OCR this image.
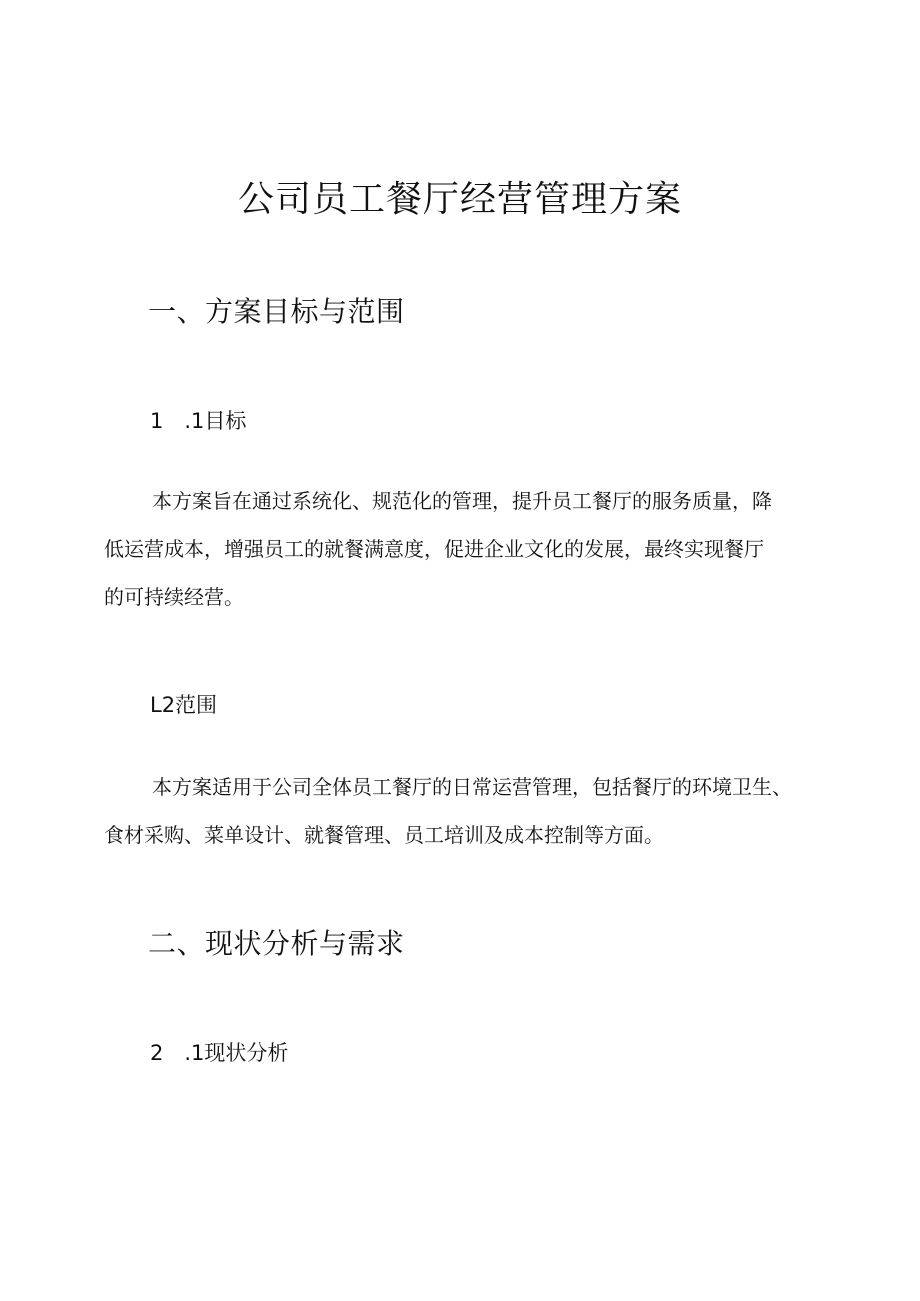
公司员工餐厅经营管理方案
一、方案目标与范围
1　.1目标
本方案旨在通过系统化、规范化的管理，提升员工餐厅的服务质量，降
低运营成本，增强员工的就餐满意度，促进企业文化的发展，最终实现餐厅
的可持续经营。
L2范围
本方案适用于公司全体员工餐厅的日常运营管理，包括餐厅的环境卫生、
食材采购、菜单设计、就餐管理、员工培训及成本控制等方面。
二、现状分析与需求
2　.1现状分析
